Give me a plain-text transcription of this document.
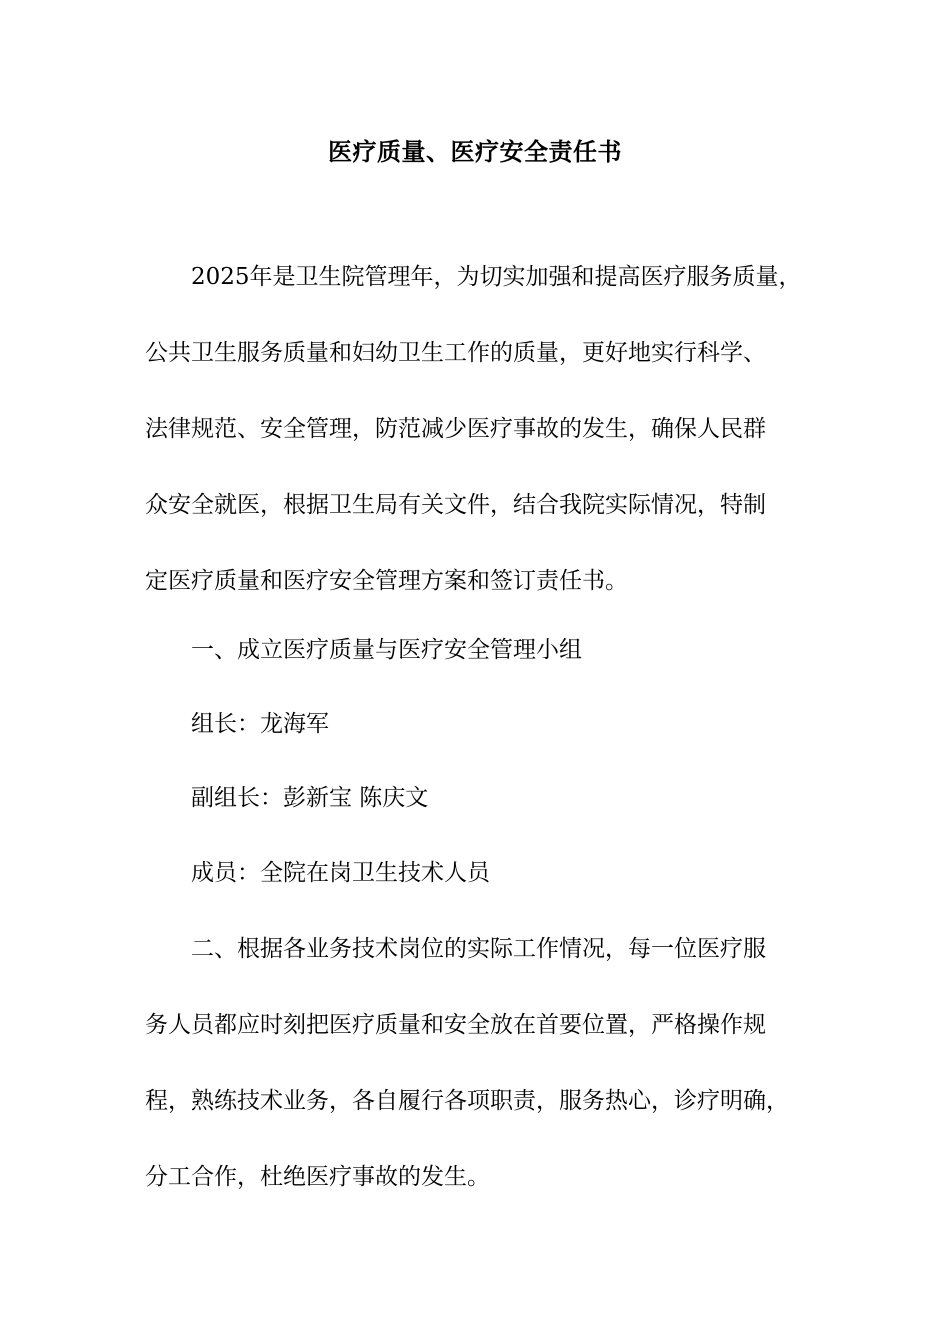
医疗质量、医疗安全责任书
2025年是卫生院管理年，为切实加强和提高医疗服务质量，
公共卫生服务质量和妇幼卫生工作的质量，更好地实行科学、
法律规范、安全管理，防范减少医疗事故的发生，确保人民群
众安全就医，根据卫生局有关文件，结合我院实际情况，特制
定医疗质量和医疗安全管理方案和签订责任书。
一、成立医疗质量与医疗安全管理小组
组长：龙海军
副组长：彭新宝 陈庆文
成员：全院在岗卫生技术人员
二、根据各业务技术岗位的实际工作情况，每一位医疗服
务人员都应时刻把医疗质量和安全放在首要位置，严格操作规
程，熟练技术业务，各自履行各项职责，服务热心，诊疗明确，
分工合作，杜绝医疗事故的发生。
